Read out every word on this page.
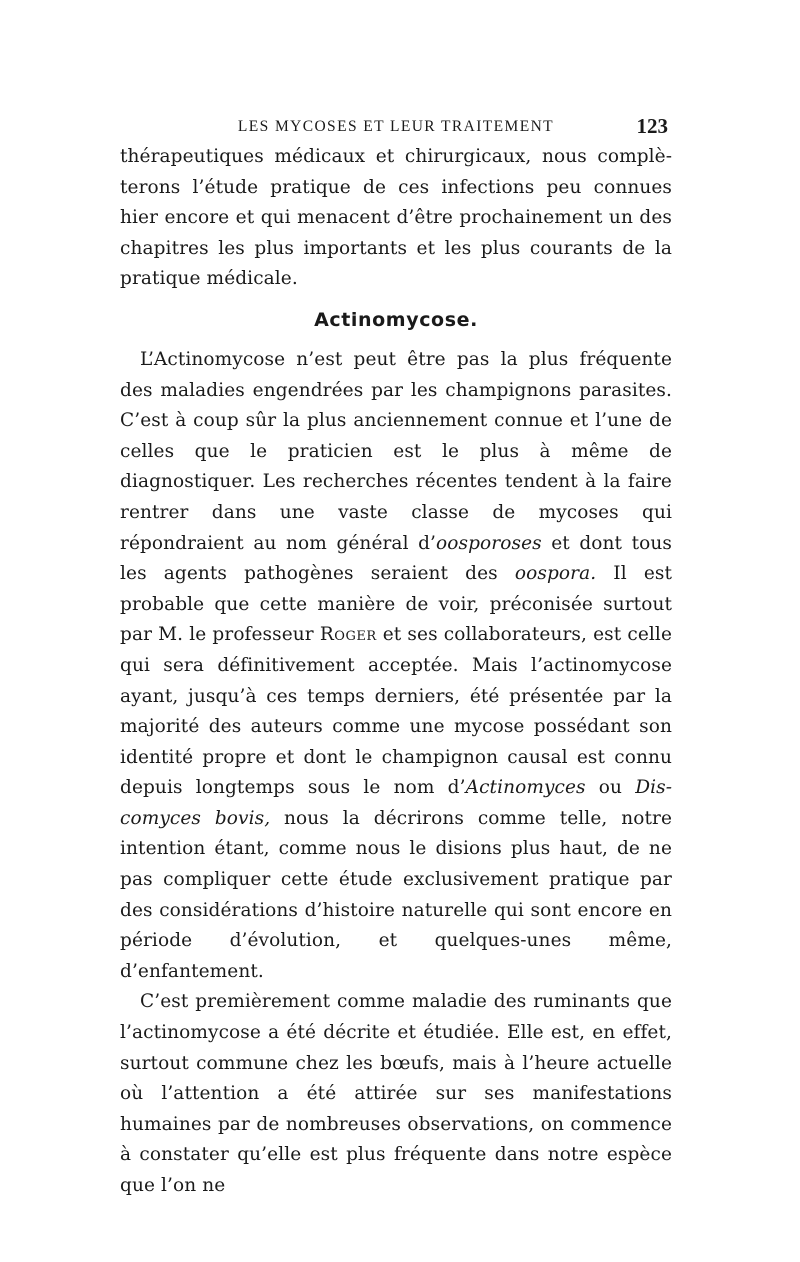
LES MYCOSES ET LEUR TRAITEMENT	123

thérapeutiques médicaux et chirurgicaux, nous complèterons l’étude pratique de ces infections peu connues hier encore et qui menacent d’être prochainement un des chapitres les plus importants et les plus courants de la pratique médicale.

Actinomycose.

L’Actinomycose n’est peut être pas la plus fréquente des maladies engendrées par les champignons parasites. C’est à coup sûr la plus anciennement connue et l’une de celles que le praticien est le plus à même de diagnostiquer. Les recherches récentes tendent à la faire rentrer dans une vaste classe de mycoses qui répondraient au nom général d’oosporoses et dont tous les agents pathogènes seraient des oospora. Il est probable que cette manière de voir, préconisée surtout par M. le professeur Roger et ses collaborateurs, est celle qui sera définitivement acceptée. Mais l’actinomycose ayant, jusqu’à ces temps derniers, été présentée par la majorité des auteurs comme une mycose possédant son identité propre et dont le champignon causal est connu depuis longtemps sous le nom d’Actinomyces ou Discomyces bovis, nous la décrirons comme telle, notre intention étant, comme nous le disions plus haut, de ne pas compliquer cette étude exclusivement pratique par des considérations d’histoire naturelle qui sont encore en période d’évolution, et quelques-unes même, d’enfantement.

C’est premièrement comme maladie des ruminants que l’actinomycose a été décrite et étudiée. Elle est, en effet, surtout commune chez les bœufs, mais à l’heure actuelle où l’attention a été attirée sur ses manifestations humaines par de nombreuses observations, on commence à constater qu’elle est plus fréquente dans notre espèce que l’on ne
